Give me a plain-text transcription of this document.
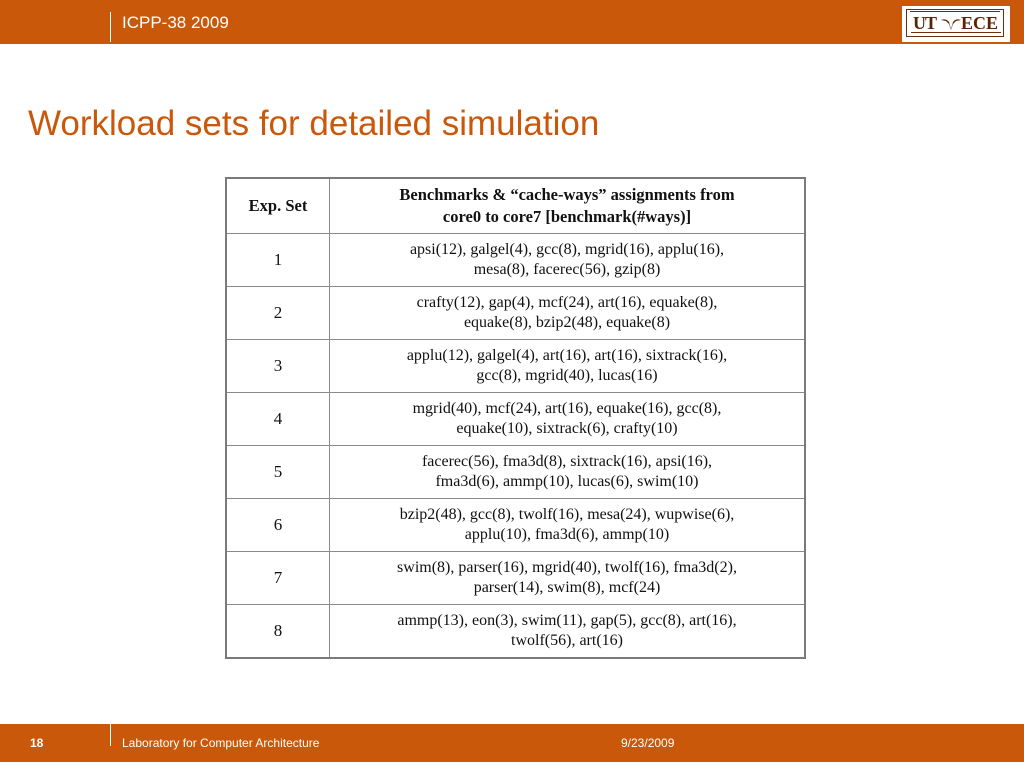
ICPP-38 2009	UT ECE
Workload sets for detailed simulation
Exp. Set	Benchmarks & “cache-ways” assignments from
core0 to core7 [benchmark(#ways)]

1	apsi(12), galgel(4), gcc(8), mgrid(16), applu(16),
mesa(8), facerec(56), gzip(8)

2	crafty(12), gap(4), mcf(24), art(16), equake(8),
equake(8), bzip2(48), equake(8)

3	applu(12), galgel(4), art(16), art(16), sixtrack(16),
gcc(8), mgrid(40), lucas(16)

4	mgrid(40), mcf(24), art(16), equake(16), gcc(8),
equake(10), sixtrack(6), crafty(10)

5	facerec(56), fma3d(8), sixtrack(16), apsi(16),
fma3d(6), ammp(10), lucas(6), swim(10)

6	bzip2(48), gcc(8), twolf(16), mesa(24), wupwise(6),
applu(10), fma3d(6), ammp(10)

7	swim(8), parser(16), mgrid(40), twolf(16), fma3d(2),
parser(14), swim(8), mcf(24)

8	ammp(13), eon(3), swim(11), gap(5), gcc(8), art(16),
twolf(56), art(16)
18	Laboratory for Computer Architecture	9/23/2009
